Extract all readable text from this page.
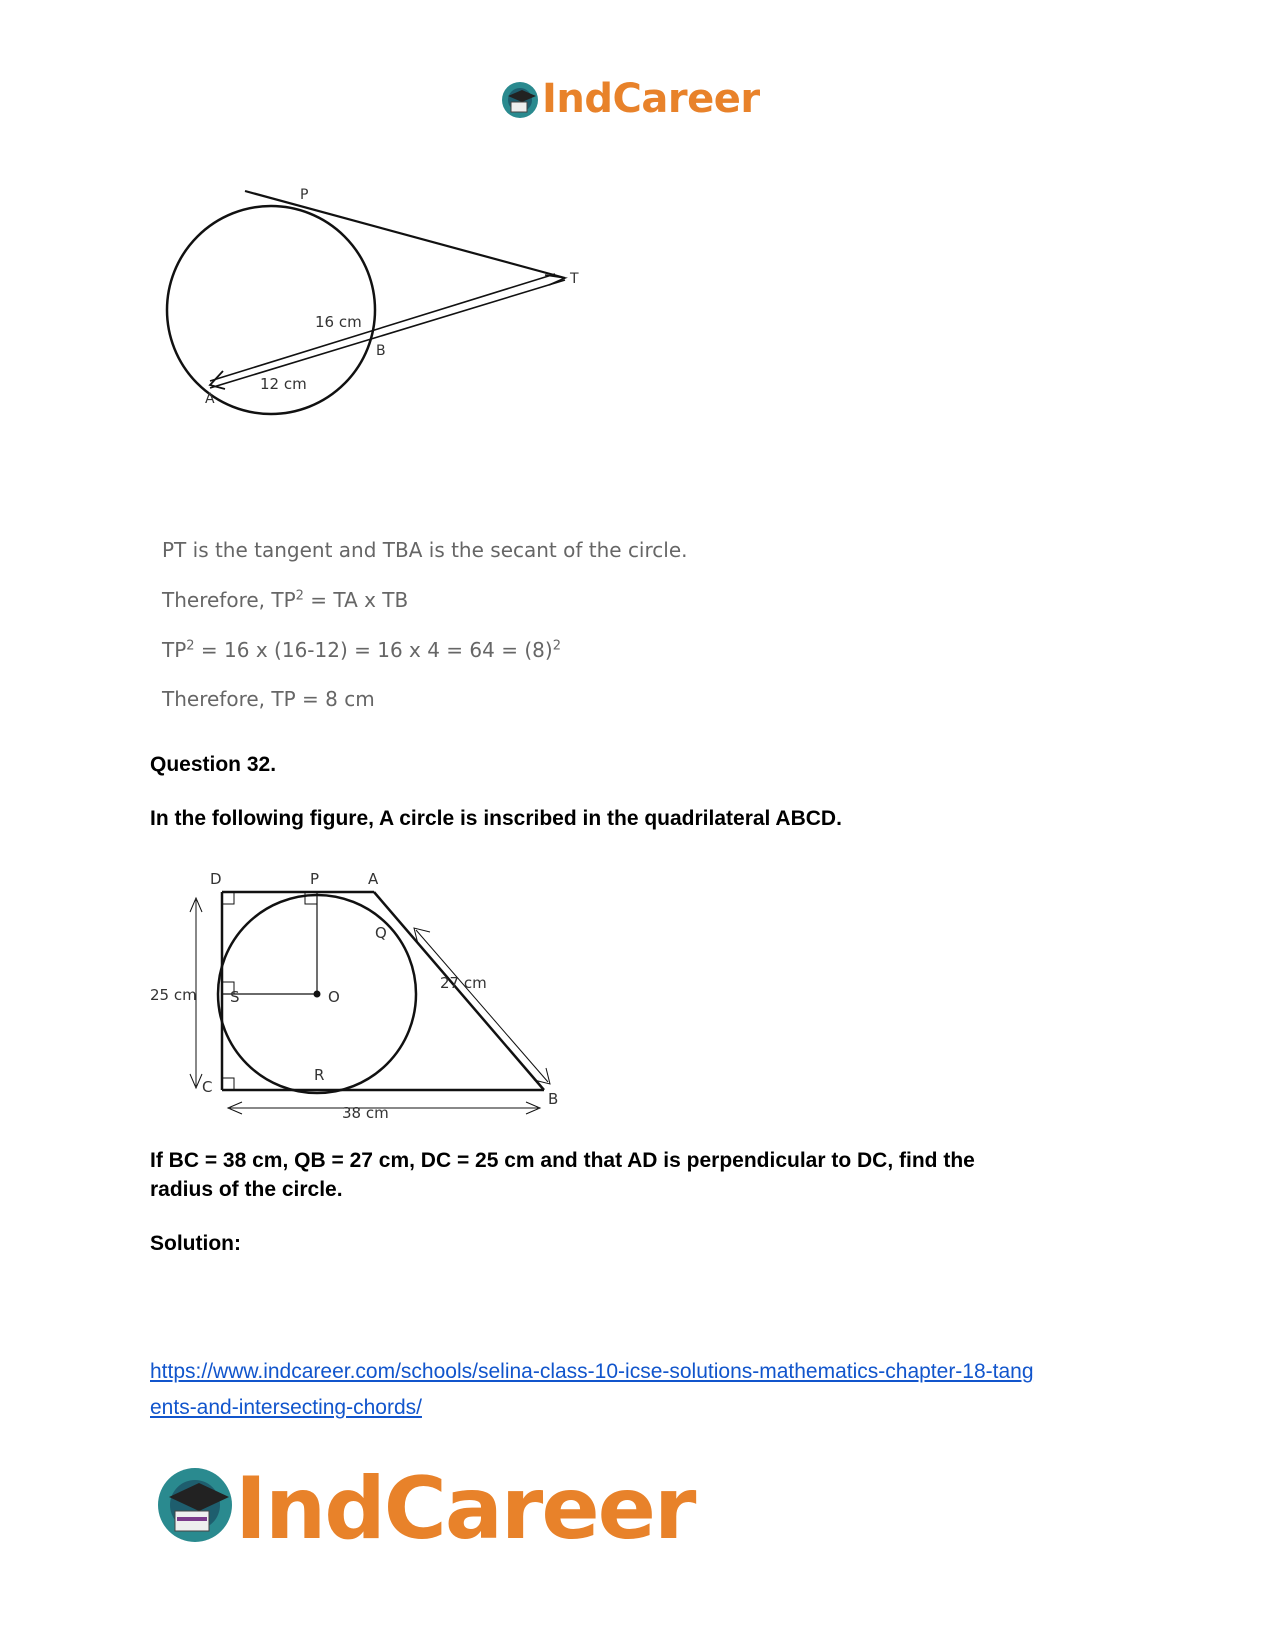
IndCareer
P
T
B
A
16 cm
12 cm
PT is the tangent and TBA is the secant of the circle.
Therefore, $TP^2$ = TA x TB
$TP^2 = 16$ x (16-12) = 16 x $4 = 64 = (8)^2$
Therefore, TP = 8 cm
Question 32.
In the following figure, A circle is inscribed in the quadrilateral ABCD.
D	P	A
Q
S	O
C
R
B
25 cm
27 cm
38 cm
If BC = 38 cm, QB = 27 cm, DC = 25 cm and that AD is perpendicular to DC, find the
radius of the circle.
Solution:
https://www.indcareer.com/schools/selina-class-10-icse-solutions-mathematics-chapter-18-tang
ents-and-intersecting-chords/
IndCareer
